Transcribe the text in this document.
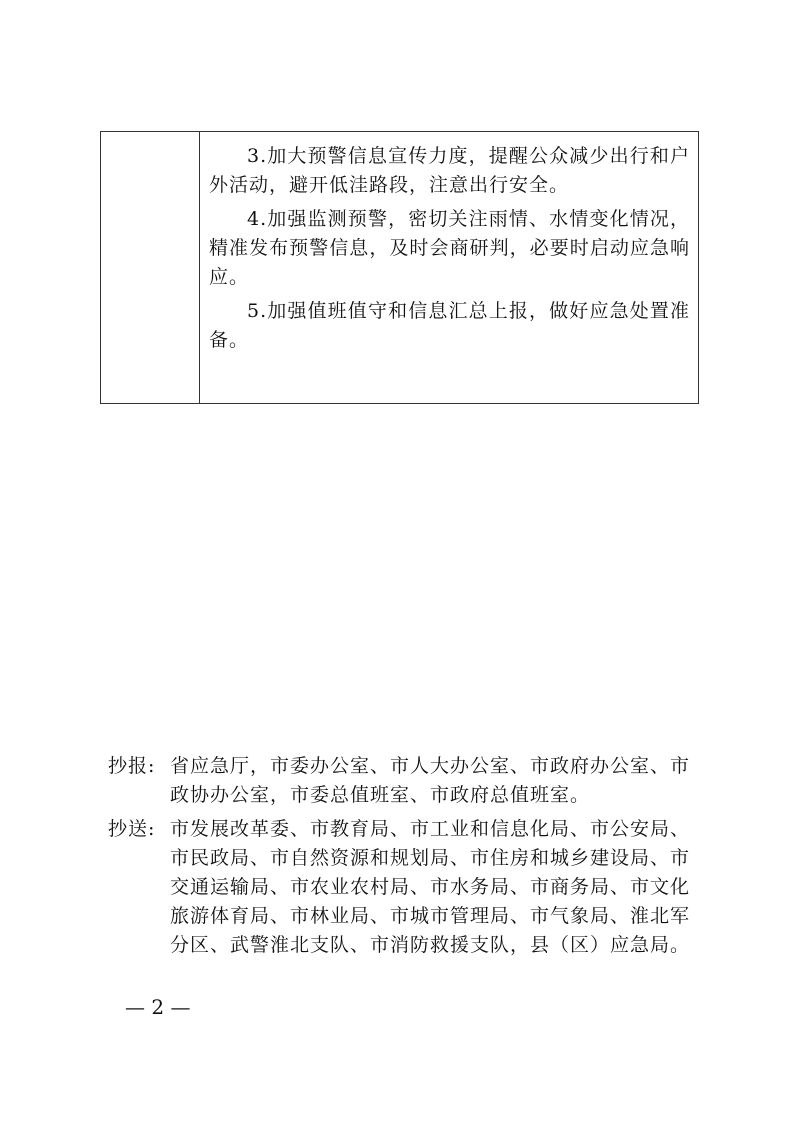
3.加大预警信息宣传力度，提醒公众减少出行和户外活动，避开低洼路段，注意出行安全。

4.加强监测预警，密切关注雨情、水情变化情况，精准发布预警信息，及时会商研判，必要时启动应急响应。

5.加强值班值守和信息汇总上报，做好应急处置准备。

抄报: 省应急厅，市委办公室、市人大办公室、市政府办公室、市政协办公室，市委总值班室、市政府总值班室。
抄送: 市发展改革委、市教育局、市工业和信息化局、市公安局、市民政局、市自然资源和规划局、市住房和城乡建设局、市交通运输局、市农业农村局、市水务局、市商务局、市文化旅游体育局、市林业局、市城市管理局、市气象局、淮北军分区、武警淮北支队、市消防救援支队，县（区）应急局。
— 2 —
